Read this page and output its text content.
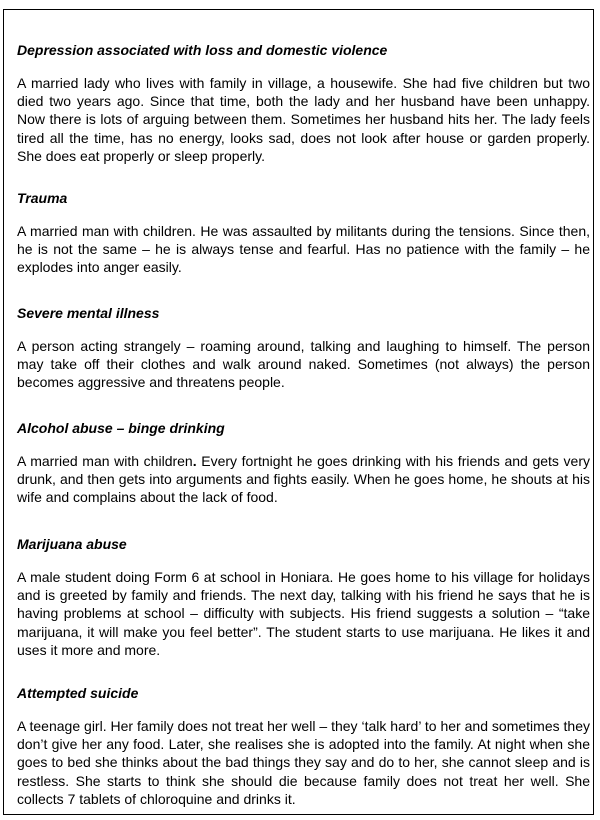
Depression associated with loss and domestic violence

A married lady who lives with family in village, a housewife. She had five children but two died two years ago. Since that time, both the lady and her husband have been unhappy. Now there is lots of arguing between them. Sometimes her husband hits her. The lady feels tired all the time, has no energy, looks sad, does not look after house or garden properly. She does eat properly or sleep properly.

Trauma

A married man with children. He was assaulted by militants during the tensions. Since then, he is not the same – he is always tense and fearful. Has no patience with the family – he explodes into anger easily.

Severe mental illness

A person acting strangely – roaming around, talking and laughing to himself. The person may take off their clothes and walk around naked. Sometimes (not always) the person becomes aggressive and threatens people.

Alcohol abuse – binge drinking

A married man with children. Every fortnight he goes drinking with his friends and gets very drunk, and then gets into arguments and fights easily. When he goes home, he shouts at his wife and complains about the lack of food.

Marijuana abuse

A male student doing Form 6 at school in Honiara. He goes home to his village for holidays and is greeted by family and friends. The next day, talking with his friend he says that he is having problems at school – difficulty with subjects. His friend suggests a solution – “take marijuana, it will make you feel better”. The student starts to use marijuana. He likes it and uses it more and more.

Attempted suicide

A teenage girl. Her family does not treat her well – they ‘talk hard’ to her and sometimes they don’t give her any food. Later, she realises she is adopted into the family. At night when she goes to bed she thinks about the bad things they say and do to her, she cannot sleep and is restless. She starts to think she should die because family does not treat her well. She collects 7 tablets of chloroquine and drinks it.
